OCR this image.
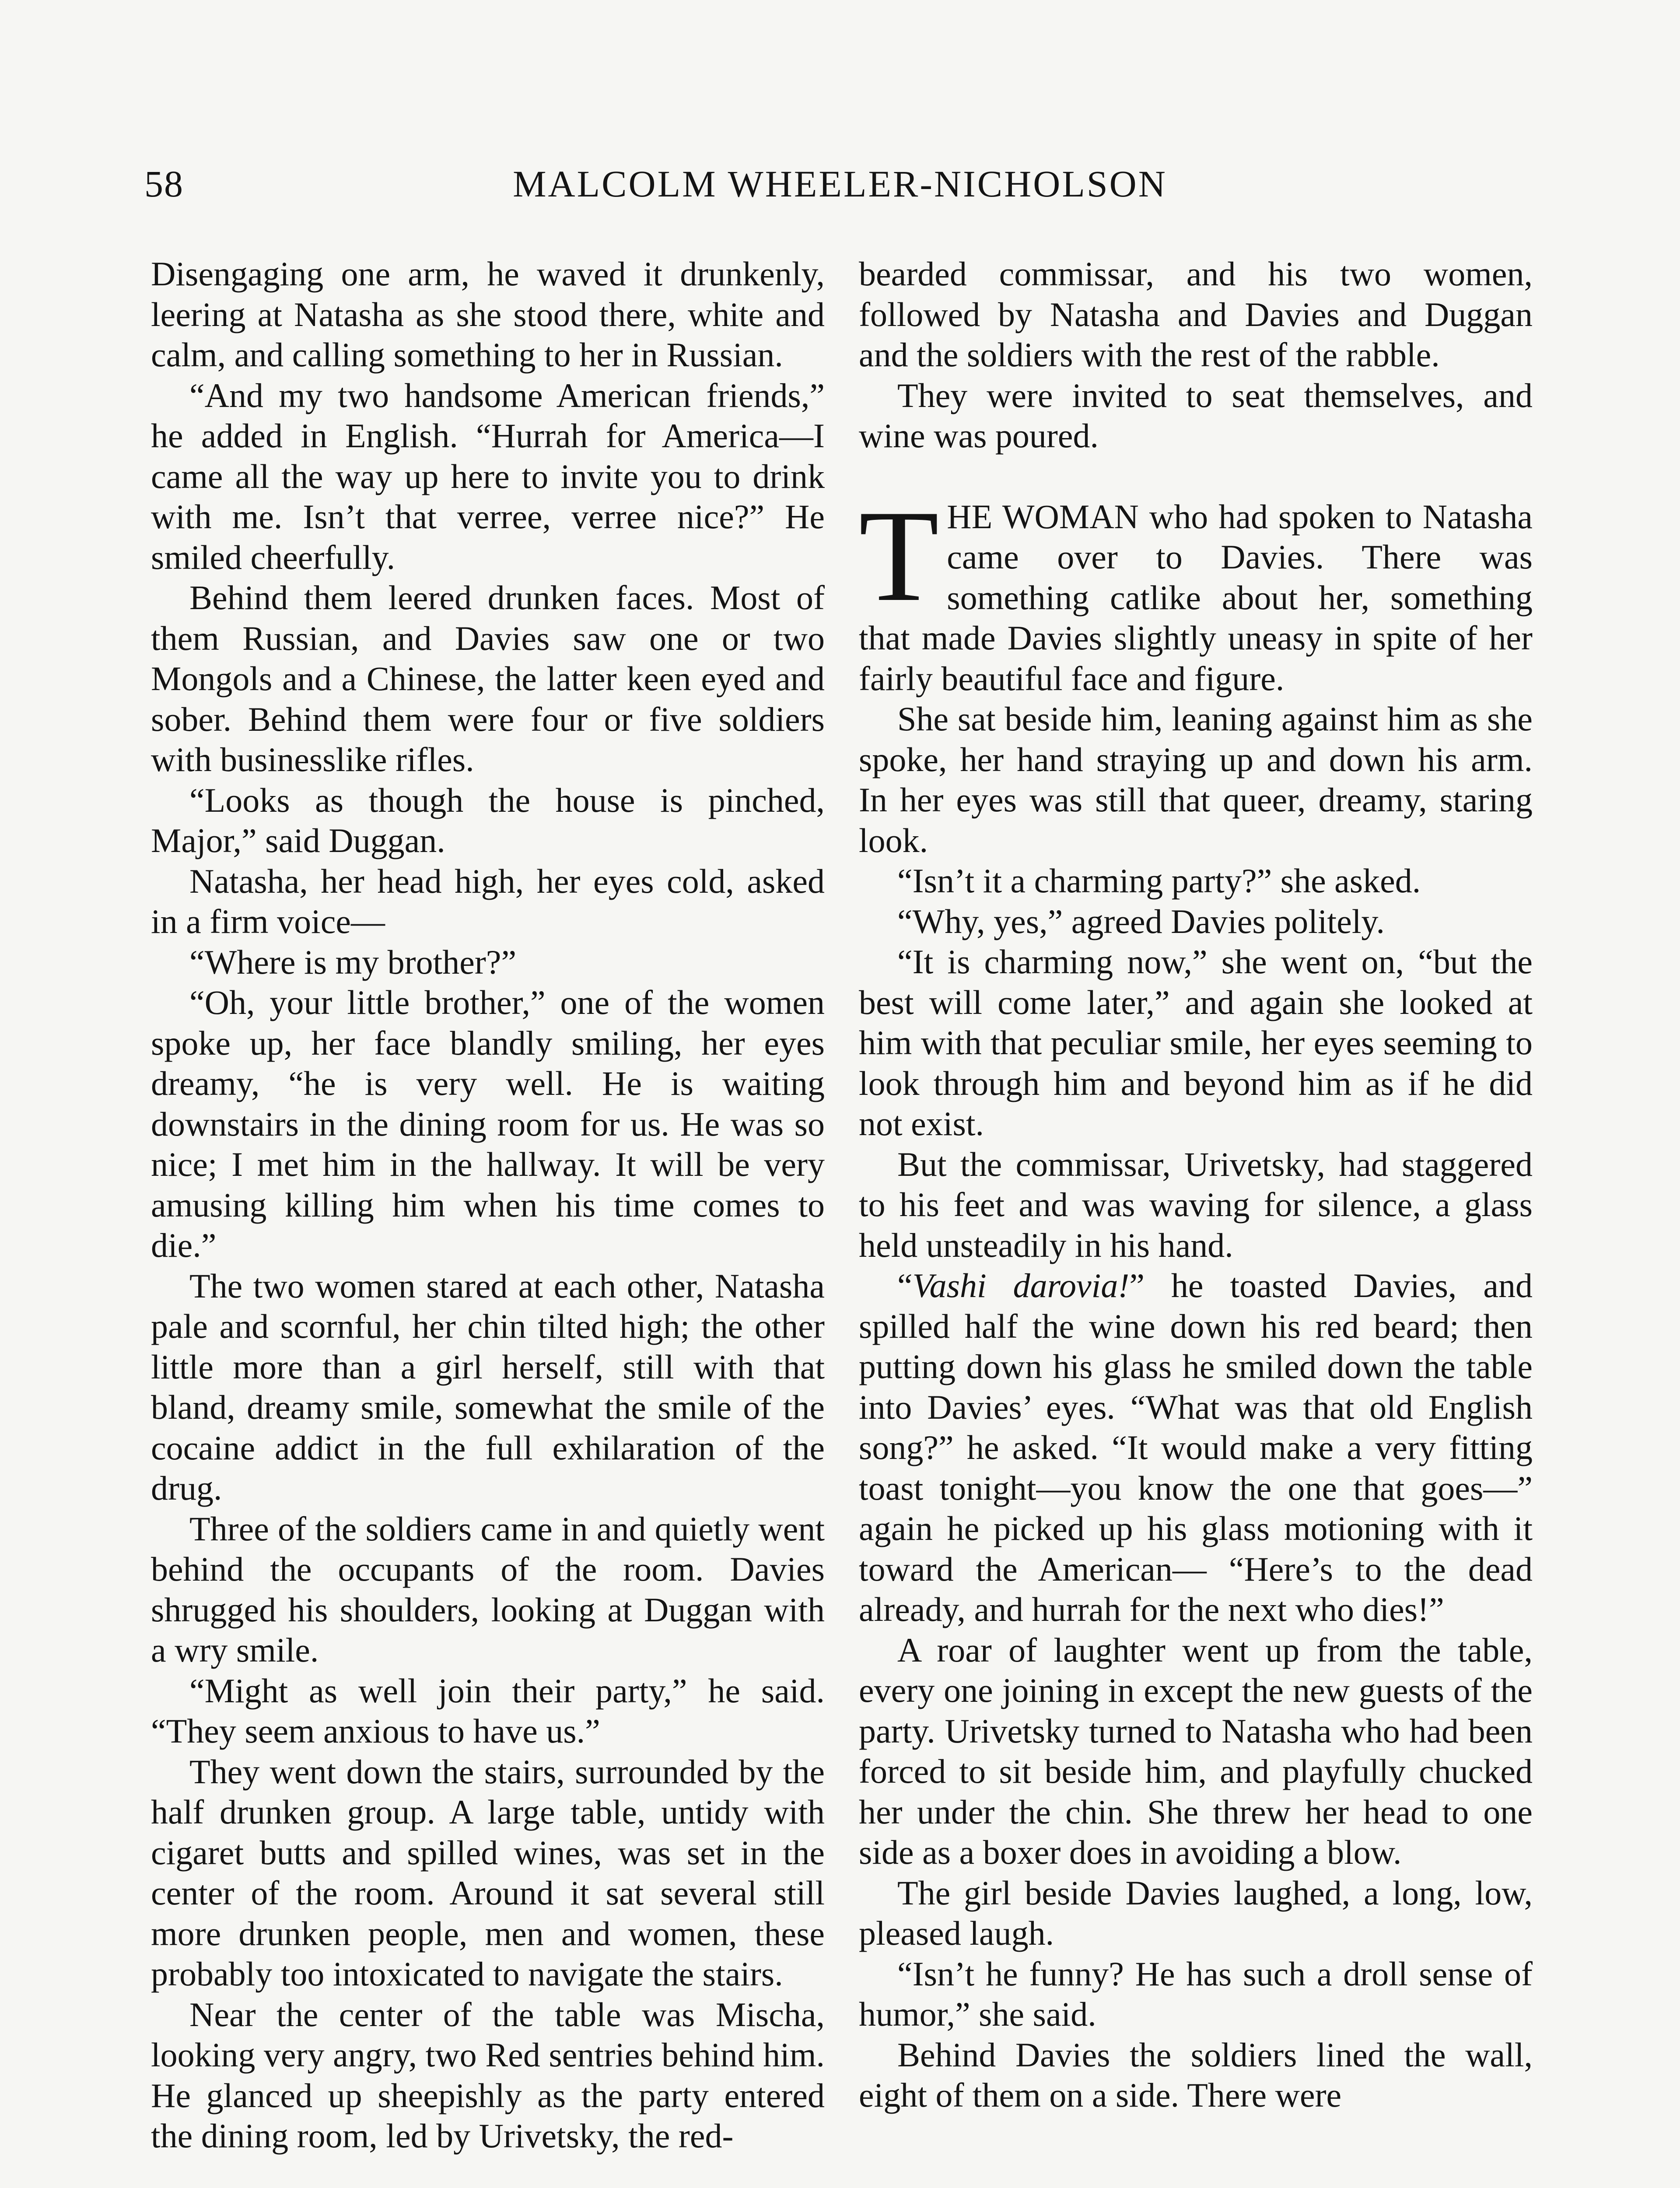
58	MALCOLM WHEELER-NICHOLSON

Disengaging one arm, he waved it drunkenly, leering at Natasha as she stood there, white and calm, and calling something to her in Russian.

“And my two handsome American friends,” he added in English. “Hurrah for America—I came all the way up here to invite you to drink with me. Isn’t that verree, verree nice?” He smiled cheerfully.

Behind them leered drunken faces. Most of them Russian, and Davies saw one or two Mongols and a Chinese, the latter keen eyed and sober. Behind them were four or five soldiers with businesslike rifles.

“Looks as though the house is pinched, Major,” said Duggan.

Natasha, her head high, her eyes cold, asked in a firm voice—

“Where is my brother?”

“Oh, your little brother,” one of the women spoke up, her face blandly smiling, her eyes dreamy, “he is very well. He is waiting downstairs in the dining room for us. He was so nice; I met him in the hallway. It will be very amusing killing him when his time comes to die.”

The two women stared at each other, Natasha pale and scornful, her chin tilted high; the other little more than a girl herself, still with that bland, dreamy smile, somewhat the smile of the cocaine addict in the full exhilaration of the drug.

Three of the soldiers came in and quietly went behind the occupants of the room. Davies shrugged his shoulders, looking at Duggan with a wry smile.

“Might as well join their party,” he said. “They seem anxious to have us.”

They went down the stairs, surrounded by the half drunken group. A large table, untidy with cigaret butts and spilled wines, was set in the center of the room. Around it sat several still more drunken people, men and women, these probably too intoxicated to navigate the stairs.

Near the center of the table was Mischa, looking very angry, two Red sentries behind him. He glanced up sheepishly as the party entered the dining room, led by Urivetsky, the red-

bearded commissar, and his two women, followed by Natasha and Davies and Duggan and the soldiers with the rest of the rabble.

They were invited to seat themselves, and wine was poured.

THE WOMAN who had spoken to Natasha came over to Davies. There was something catlike about her, something that made Davies slightly uneasy in spite of her fairly beautiful face and figure.

She sat beside him, leaning against him as she spoke, her hand straying up and down his arm. In her eyes was still that queer, dreamy, staring look.

“Isn’t it a charming party?” she asked.

“Why, yes,” agreed Davies politely.

“It is charming now,” she went on, “but the best will come later,” and again she looked at him with that peculiar smile, her eyes seeming to look through him and beyond him as if he did not exist.

But the commissar, Urivetsky, had staggered to his feet and was waving for silence, a glass held unsteadily in his hand.

“Vashi darovia!” he toasted Davies, and spilled half the wine down his red beard; then putting down his glass he smiled down the table into Davies’ eyes. “What was that old English song?” he asked. “It would make a very fitting toast tonight—you know the one that goes—” again he picked up his glass motioning with it toward the American— “Here’s to the dead already, and hurrah for the next who dies!”

A roar of laughter went up from the table, every one joining in except the new guests of the party. Urivetsky turned to Natasha who had been forced to sit beside him, and playfully chucked her under the chin. She threw her head to one side as a boxer does in avoiding a blow.

The girl beside Davies laughed, a long, low, pleased laugh.

“Isn’t he funny? He has such a droll sense of humor,” she said.

Behind Davies the soldiers lined the wall, eight of them on a side. There were
